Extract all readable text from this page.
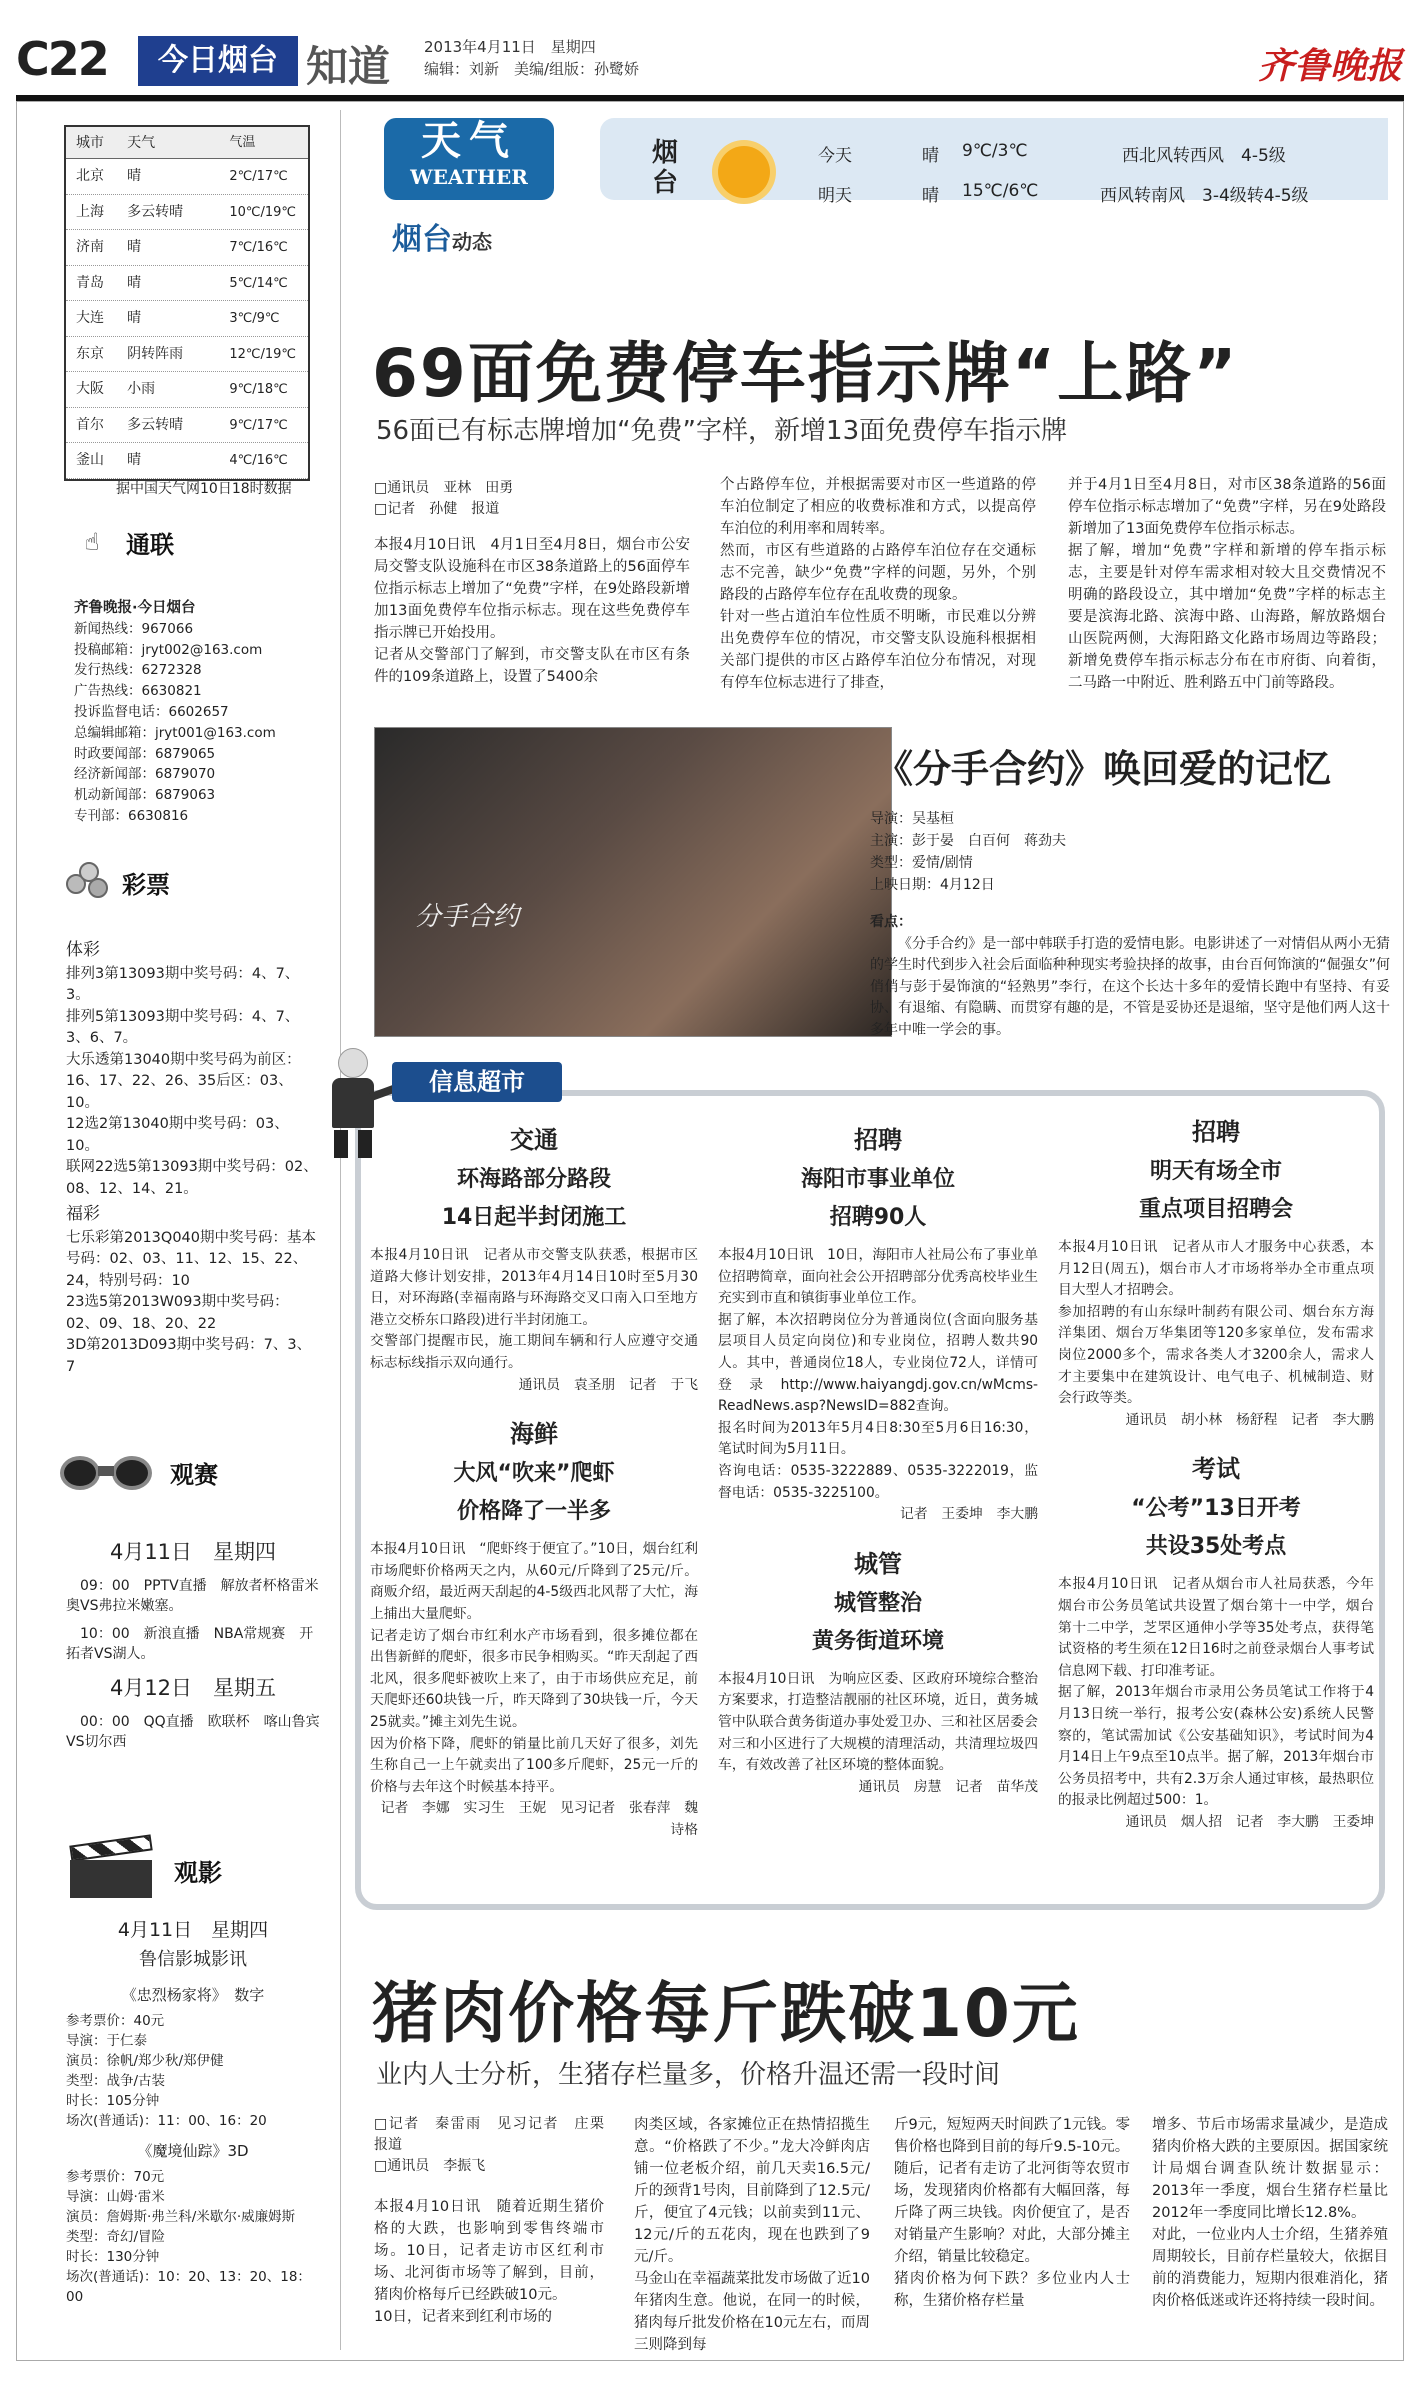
C22	今日烟台 知道 2013年4月11日　星期四
编辑：刘新　美编/组版：孙鹭娇	齐鲁晚报
城市	天气	气温
北京	晴	2℃/17℃
上海	多云转晴	10℃/19℃
济南	晴	7℃/16℃
青岛	晴	5℃/14℃
大连	晴	3℃/9℃
东京	阴转阵雨	12℃/19℃
大阪	小雨	9℃/18℃
首尔	多云转晴	9℃/17℃
釜山	晴	4℃/16℃
据中国天气网10日18时数据
☝	通联
齐鲁晚报·今日烟台
新闻热线：967066
投稿邮箱：jryt002@163.com
发行热线：6272328
广告热线：6630821
投诉监督电话：6602657
总编辑邮箱：jryt001@163.com
时政要闻部：6879065
经济新闻部：6879070
机动新闻部：6879063
专刊部：6630816
彩票
体彩
排列3第13093期中奖号码：4、7、3。
排列5第13093期中奖号码：4、7、3、6、7。
大乐透第13040期中奖号码为前区：16、17、22、26、35后区：03、10。
12选2第13040期中奖号码：03、10。
联网22选5第13093期中奖号码：02、08、12、14、21。
福彩
七乐彩第2013Q040期中奖号码：基本号码：02、03、11、12、15、22、24，特别号码：10
23选5第2013W093期中奖号码：02、09、18、20、22
3D第2013D093期中奖号码：7、3、7
观赛
4月11日　星期四
09：00　PPTV直播　解放者杯格雷米奥VS弗拉米嫩塞。
10：00　新浪直播　NBA常规赛　开拓者VS湖人。
4月12日　星期五
00：00　QQ直播　欧联杯　喀山鲁宾VS切尔西
观影
4月11日　星期四
鲁信影城影讯
《忠烈杨家将》　数字
参考票价：40元
导演：于仁泰
演员：徐帆/郑少秋/郑伊健
类型：战争/古装
时长：105分钟
场次(普通话)：11：00、16：20
《魔境仙踪》3D
参考票价：70元
导演：山姆·雷米
演员：詹姆斯·弗兰科/米歇尔·威廉姆斯
类型：奇幻/冒险
时长：130分钟
场次(普通话)：10：20、13：20、18：00
天气
WEATHER
烟台动态
烟台
今天	晴 9℃/3℃	西北风转西风　4-5级
明天	晴 15℃/6℃	西风转南风　3-4级转4-5级
69面免费停车指示牌“上路”
56面已有标志牌增加“免费”字样，新增13面免费停车指示牌
□通讯员　亚林　田勇
□记者　孙健　报道
本报4月10日讯　4月1日至4月8日，烟台市公安局交警支队设施科在市区38条道路上的56面停车位指示标志上增加了“免费”字样，在9处路段新增加13面免费停车位指示标志。现在这些免费停车指示牌已开始投用。
记者从交警部门了解到，市交警支队在市区有条件的109条道路上，设置了5400余
个占路停车位，并根据需要对市区一些道路的停车泊位制定了相应的收费标准和方式，以提高停车泊位的利用率和周转率。
然而，市区有些道路的占路停车泊位存在交通标志不完善，缺少“免费”字样的问题，另外，个别路段的占路停车位存在乱收费的现象。
针对一些占道泊车位性质不明晰，市民难以分辨出免费停车位的情况，市交警支队设施科根据相关部门提供的市区占路停车泊位分布情况，对现有停车位标志进行了排查，
并于4月1日至4月8日，对市区38条道路的56面停车位指示标志增加了“免费”字样，另在9处路段新增加了13面免费停车位指示标志。
据了解，增加“免费”字样和新增的停车指示标志，主要是针对停车需求相对较大且交费情况不明确的路段设立，其中增加“免费”字样的标志主要是滨海北路、滨海中路、山海路，解放路烟台山医院两侧，大海阳路文化路市场周边等路段；新增免费停车指示标志分布在市府街、向着街，二马路一中附近、胜利路五中门前等路段。
分手合约
《分手合约》唤回爱的记忆
导演：吴基桓
主演：彭于晏　白百何　蒋劲夫
类型：爱情/剧情
上映日期：4月12日
看点：
《分手合约》是一部中韩联手打造的爱情电影。电影讲述了一对情侣从两小无猜的学生时代到步入社会后面临种种现实考验抉择的故事，由台百何饰演的“倔强女”何俏俏与彭于晏饰演的“轻熟男”李行，在这个长达十多年的爱情长跑中有坚持、有妥协、有退缩、有隐瞒、而贯穿有趣的是，不管是妥协还是退缩，坚守是他们两人这十多年中唯一学会的事。
信息超市
交通
环海路部分路段
14日起半封闭施工
本报4月10日讯　记者从市交警支队获悉，根据市区道路大修计划安排，2013年4月14日10时至5月30日，对环海路(幸福南路与环海路交叉口南入口至地方港立交桥东口路段)进行半封闭施工。
交警部门提醒市民，施工期间车辆和行人应遵守交通标志标线指示双向通行。
通讯员　袁圣朋　记者　于飞
海鲜
大风“吹来”爬虾
价格降了一半多
本报4月10日讯　“爬虾终于便宜了。”10日，烟台红利市场爬虾价格两天之内，从60元/斤降到了25元/斤。商贩介绍，最近两天刮起的4-5级西北风帮了大忙，海上捕出大量爬虾。
记者走访了烟台市红利水产市场看到，很多摊位都在出售新鲜的爬虾，很多市民争相购买。“昨天刮起了西北风，很多爬虾被吹上来了，由于市场供应充足，前天爬虾还60块钱一斤，昨天降到了30块钱一斤，今天25就卖。”摊主刘先生说。
因为价格下降，爬虾的销量比前几天好了很多，刘先生称自己一上午就卖出了100多斤爬虾，25元一斤的价格与去年这个时候基本持平。
记者　李娜　实习生　王妮　见习记者　张春萍　魏诗格
招聘
海阳市事业单位
招聘90人
本报4月10日讯　10日，海阳市人社局公布了事业单位招聘简章，面向社会公开招聘部分优秀高校毕业生充实到市直和镇街事业单位工作。
据了解，本次招聘岗位分为普通岗位(含面向服务基层项目人员定向岗位)和专业岗位，招聘人数共90人。其中，普通岗位18人，专业岗位72人，详情可登录http://www.haiyangdj.gov.cn/wMcms-ReadNews.asp?NewsID=882查询。
报名时间为2013年5月4日8:30至5月6日16:30，笔试时间为5月11日。
咨询电话：0535-3222889、0535-3222019，监督电话：0535-3225100。
记者　王委坤　李大鹏
城管
城管整治
黄务街道环境
本报4月10日讯　为响应区委、区政府环境综合整治方案要求，打造整洁靓丽的社区环境，近日，黄务城管中队联合黄务街道办事处爱卫办、三和社区居委会对三和小区进行了大规模的清理活动，共清理垃圾四车，有效改善了社区环境的整体面貌。
通讯员　房慧　记者　苗华茂
招聘
明天有场全市
重点项目招聘会
本报4月10日讯　记者从市人才服务中心获悉，本月12日(周五)，烟台市人才市场将举办全市重点项目大型人才招聘会。
参加招聘的有山东绿叶制药有限公司、烟台东方海洋集团、烟台万华集团等120多家单位，发布需求岗位2000多个，需求各类人才3200余人，需求人才主要集中在建筑设计、电气电子、机械制造、财会行政等类。
通讯员　胡小林　杨舒程　记者　李大鹏
考试
“公考”13日开考
共设35处考点
本报4月10日讯　记者从烟台市人社局获悉，今年烟台市公务员笔试共设置了烟台第十一中学，烟台第十二中学，芝罘区通伸小学等35处考点，获得笔试资格的考生须在12日16时之前登录烟台人事考试信息网下载、打印准考证。
据了解，2013年烟台市录用公务员笔试工作将于4月13日统一举行，报考公安(森林公安)系统人民警察的，笔试需加试《公安基础知识》，考试时间为4月14日上午9点至10点半。据了解，2013年烟台市公务员招考中，共有2.3万余人通过审核，最热职位的报录比例超过500：1。
通讯员　烟人招　记者　李大鹏　王委坤
猪肉价格每斤跌破10元
业内人士分析，生猪存栏量多，价格升温还需一段时间
□记者　秦雷雨　见习记者　庄栗　报道
□通讯员　李振飞
本报4月10日讯　随着近期生猪价格的大跌，也影响到零售终端市场。10日，记者走访市区红利市场、北河街市场等了解到，目前，猪肉价格每斤已经跌破10元。
10日，记者来到红利市场的
肉类区域，各家摊位正在热情招揽生意。“价格跌了不少。”龙大冷鲜肉店铺一位老板介绍，前几天卖16.5元/斤的颈背1号肉，目前降到了12.5元/斤，便宜了4元钱；以前卖到11元、12元/斤的五花肉，现在也跌到了9元/斤。
马金山在幸福蔬菜批发市场做了近10年猪肉生意。他说，在同一的时候，猪肉每斤批发价格在10元左右，而周三则降到每
斤9元，短短两天时间跌了1元钱。零售价格也降到目前的每斤9.5-10元。
随后，记者有走访了北河街等农贸市场，发现猪肉价格都有大幅回落，每斤降了两三块钱。肉价便宜了，是否对销量产生影响？对此，大部分摊主介绍，销量比较稳定。
猪肉价格为何下跌？多位业内人士称，生猪价格存栏量
增多、节后市场需求量减少，是造成猪肉价格大跌的主要原因。据国家统计局烟台调查队统计数据显示：2013年一季度，烟台生猪存栏量比2012年一季度同比增长12.8%。
对此，一位业内人士介绍，生猪养殖周期较长，目前存栏量较大，依据目前的消费能力，短期内很难消化，猪肉价格低迷或许还将持续一段时间。
